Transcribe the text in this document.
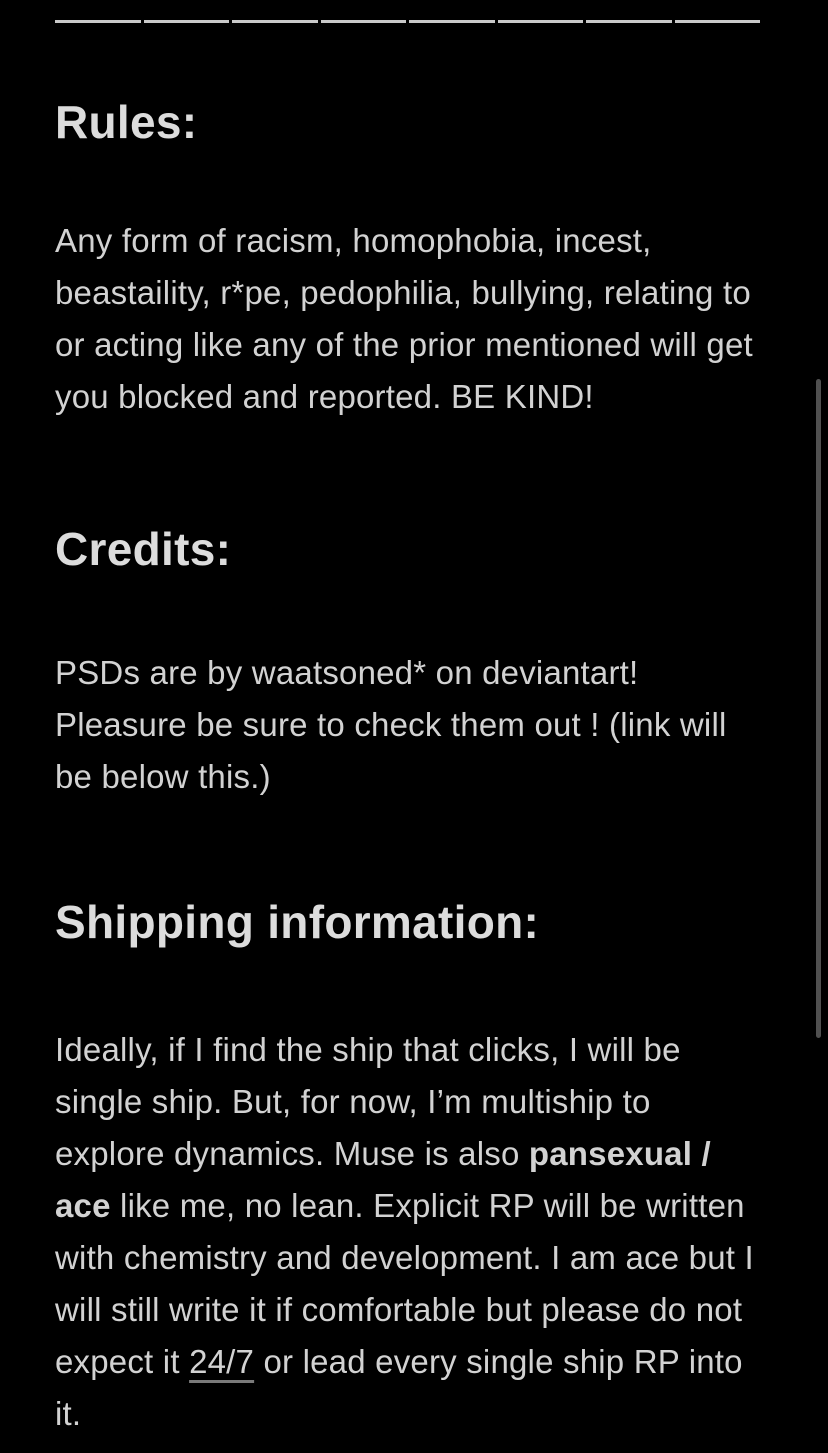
Rules:

Any form of racism, homophobia, incest, beastaility, r*pe, pedophilia, bullying, relating to or acting like any of the prior mentioned will get you blocked and reported. BE KIND!

Credits:

PSDs are by waatsoned* on deviantart! Pleasure be sure to check them out ! (link will be below this.)

Shipping information:

Ideally, if I find the ship that clicks, I will be single ship. But, for now, I’m multiship to explore dynamics. Muse is also pansexual / ace like me, no lean. Explicit RP will be written with chemistry and development. I am ace but I will still write it if comfortable but please do not expect it 24/7 or lead every single ship RP into it.
